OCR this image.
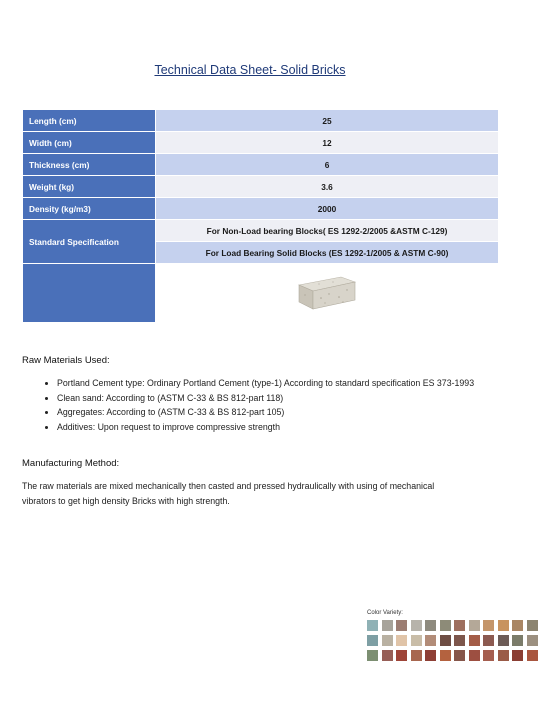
Technical Data Sheet- Solid Bricks
Length (cm)	25
Width (cm)	12
Thickness (cm)	6
Weight (kg)	3.6
Density (kg/m3)	2000
Standard Specification	For Non-Load bearing Blocks( ES 1292-2/2005 &ASTM C-129)
	For Load Bearing Solid Blocks (ES 1292-1/2005 & ASTM C-90)

Raw Materials Used:
• Portland Cement type: Ordinary Portland Cement (type-1) According to standard specification ES 373-1993
• Clean sand: According to (ASTM C-33 & BS 812-part 118)
• Aggregates: According to (ASTM C-33 & BS 812-part 105)
• Additives: Upon request to improve compressive strength
Manufacturing Method:

The raw materials are mixed mechanically then casted and pressed hydraulically with using of mechanical vibrators to get high density Bricks with high strength.

Color Variety:
